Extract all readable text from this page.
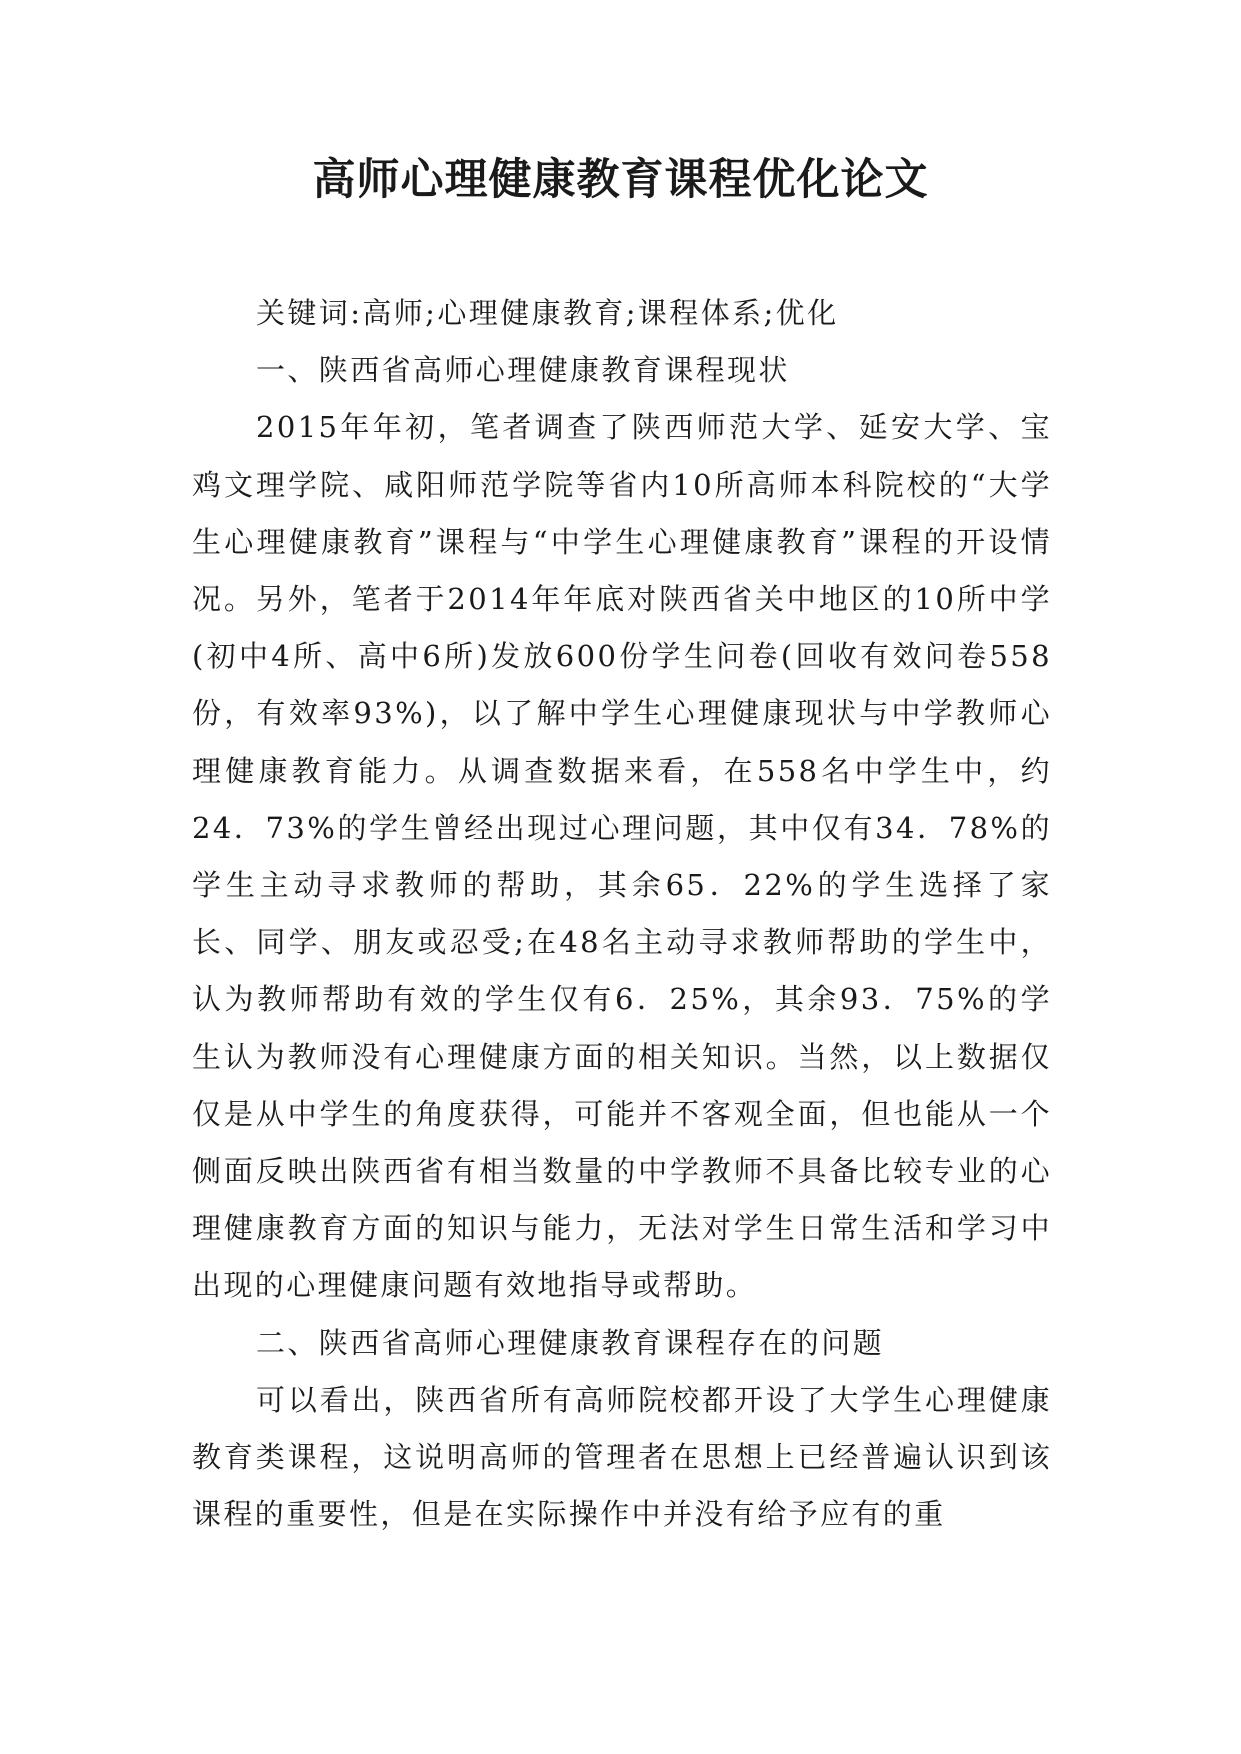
高师心理健康教育课程优化论文

关键词:高师;心理健康教育;课程体系;优化

一、陕西省高师心理健康教育课程现状

2015年年初，笔者调查了陕西师范大学、延安大学、宝鸡文理学院、咸阳师范学院等省内10所高师本科院校的“大学生心理健康教育”课程与“中学生心理健康教育”课程的开设情况。另外，笔者于2014年年底对陕西省关中地区的10所中学(初中4所、高中6所)发放600份学生问卷(回收有效问卷558份，有效率93%)，以了解中学生心理健康现状与中学教师心理健康教育能力。从调查数据来看，在558名中学生中，约24．73%的学生曾经出现过心理问题，其中仅有34．78%的学生主动寻求教师的帮助，其余65．22%的学生选择了家长、同学、朋友或忍受;在48名主动寻求教师帮助的学生中，认为教师帮助有效的学生仅有6．25%，其余93．75%的学生认为教师没有心理健康方面的相关知识。当然，以上数据仅仅是从中学生的角度获得，可能并不客观全面，但也能从一个侧面反映出陕西省有相当数量的中学教师不具备比较专业的心理健康教育方面的知识与能力，无法对学生日常生活和学习中出现的心理健康问题有效地指导或帮助。

二、陕西省高师心理健康教育课程存在的问题

可以看出，陕西省所有高师院校都开设了大学生心理健康教育类课程，这说明高师的管理者在思想上已经普遍认识到该课程的重要性，但是在实际操作中并没有给予应有的重
